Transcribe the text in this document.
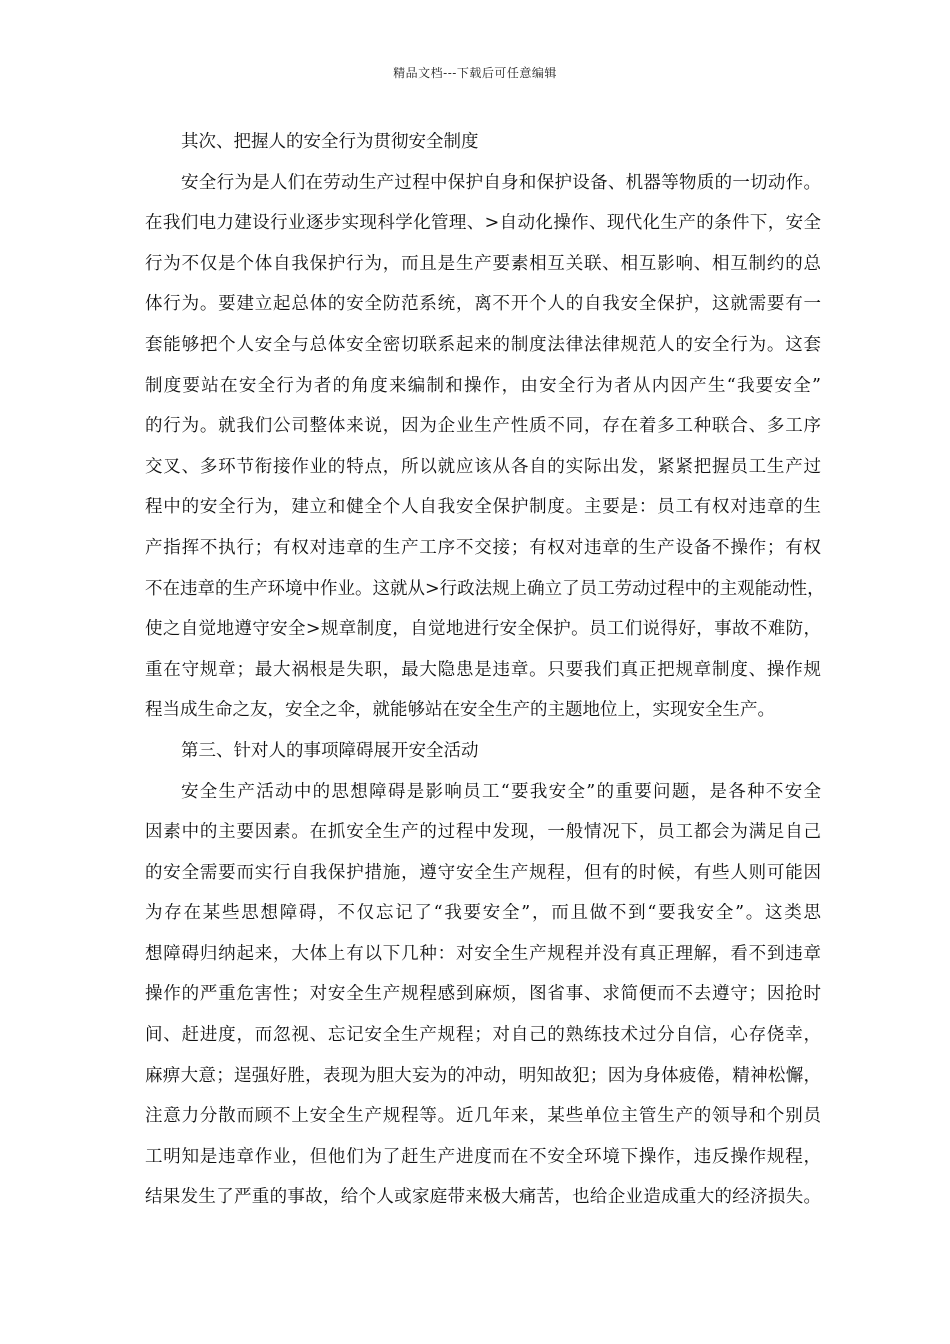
精品文档---下载后可任意编辑
其次、把握人的安全行为贯彻安全制度
安全行为是人们在劳动生产过程中保护自身和保护设备、机器等物质的一切动作。
在我们电力建设行业逐步实现科学化管理、>自动化操作、现代化生产的条件下，安全
行为不仅是个体自我保护行为，而且是生产要素相互关联、相互影响、相互制约的总
体行为。要建立起总体的安全防范系统，离不开个人的自我安全保护，这就需要有一
套能够把个人安全与总体安全密切联系起来的制度法律法律规范人的安全行为。这套
制度要站在安全行为者的角度来编制和操作，由安全行为者从内因产生“我要安全”
的行为。就我们公司整体来说，因为企业生产性质不同，存在着多工种联合、多工序
交叉、多环节衔接作业的特点，所以就应该从各自的实际出发，紧紧把握员工生产过
程中的安全行为，建立和健全个人自我安全保护制度。主要是：员工有权对违章的生
产指挥不执行；有权对违章的生产工序不交接；有权对违章的生产设备不操作；有权
不在违章的生产环境中作业。这就从>行政法规上确立了员工劳动过程中的主观能动性，
使之自觉地遵守安全>规章制度，自觉地进行安全保护。员工们说得好，事故不难防，
重在守规章；最大祸根是失职，最大隐患是违章。只要我们真正把规章制度、操作规
程当成生命之友，安全之伞，就能够站在安全生产的主题地位上，实现安全生产。
第三、针对人的事项障碍展开安全活动
安全生产活动中的思想障碍是影响员工“要我安全”的重要问题，是各种不安全
因素中的主要因素。在抓安全生产的过程中发现，一般情况下，员工都会为满足自己
的安全需要而实行自我保护措施，遵守安全生产规程，但有的时候，有些人则可能因
为存在某些思想障碍，不仅忘记了“我要安全”，而且做不到“要我安全”。这类思
想障碍归纳起来，大体上有以下几种：对安全生产规程并没有真正理解，看不到违章
操作的严重危害性；对安全生产规程感到麻烦，图省事、求简便而不去遵守；因抢时
间、赶进度，而忽视、忘记安全生产规程；对自己的熟练技术过分自信，心存侥幸，
麻痹大意；逞强好胜，表现为胆大妄为的冲动，明知故犯；因为身体疲倦，精神松懈，
注意力分散而顾不上安全生产规程等。近几年来，某些单位主管生产的领导和个别员
工明知是违章作业，但他们为了赶生产进度而在不安全环境下操作，违反操作规程，
结果发生了严重的事故，给个人或家庭带来极大痛苦，也给企业造成重大的经济损失。
